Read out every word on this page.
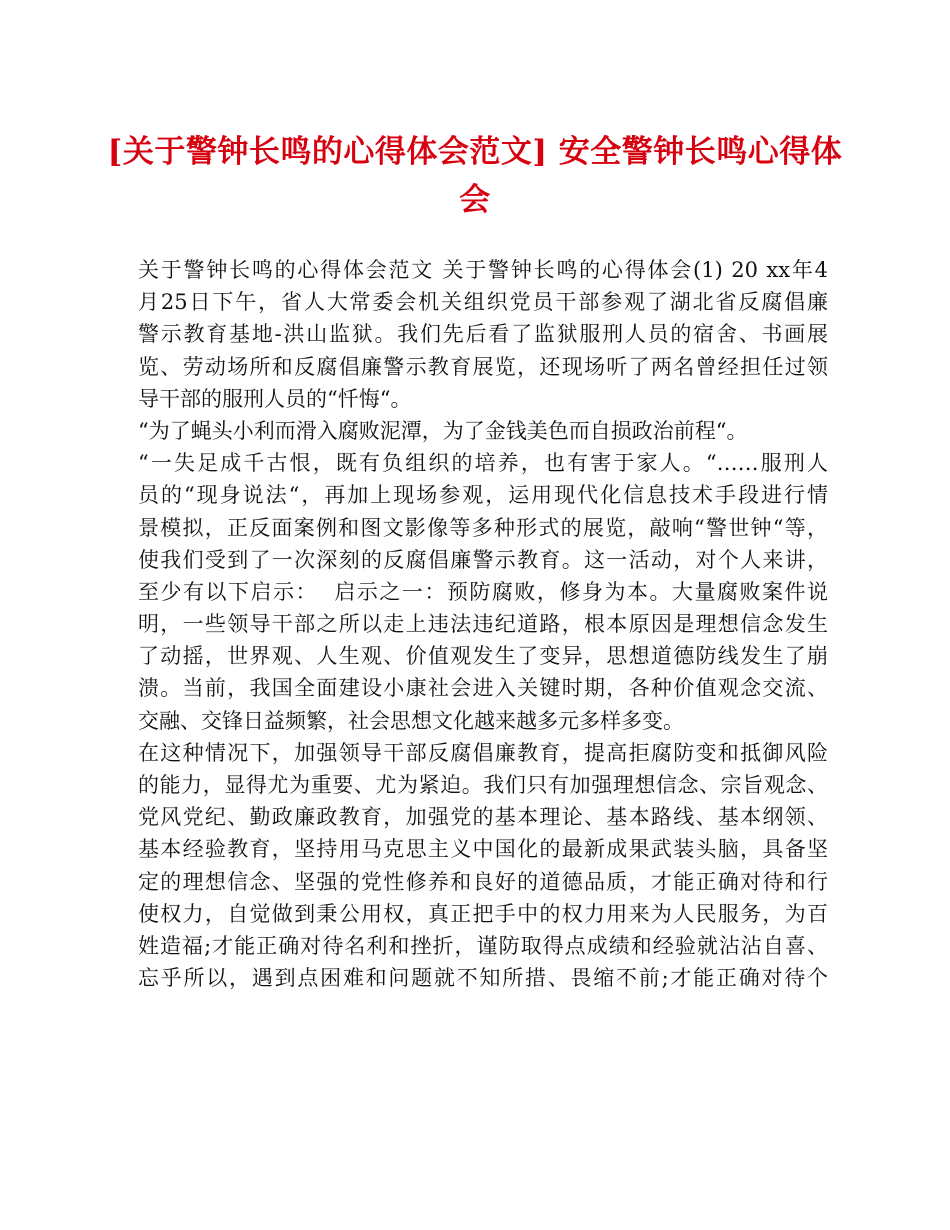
[关于警钟长鸣的心得体会范文] 安全警钟长鸣心得体
会
关于警钟长鸣的心得体会范文 关于警钟长鸣的心得体会(1) 20 xx年4
月25日下午，省人大常委会机关组织党员干部参观了湖北省反腐倡廉
警示教育基地-洪山监狱。我们先后看了监狱服刑人员的宿舍、书画展
览、劳动场所和反腐倡廉警示教育展览，还现场听了两名曾经担任过领
导干部的服刑人员的“忏悔“。
“为了蝇头小利而滑入腐败泥潭，为了金钱美色而自损政治前程“。
“一失足成千古恨，既有负组织的培养，也有害于家人。“……服刑人
员的“现身说法“，再加上现场参观，运用现代化信息技术手段进行情
景模拟，正反面案例和图文影像等多种形式的展览，敲响“警世钟“等，
使我们受到了一次深刻的反腐倡廉警示教育。这一活动，对个人来讲，
至少有以下启示：  启示之一：预防腐败，修身为本。大量腐败案件说
明，一些领导干部之所以走上违法违纪道路，根本原因是理想信念发生
了动摇，世界观、人生观、价值观发生了变异，思想道德防线发生了崩
溃。当前，我国全面建设小康社会进入关键时期，各种价值观念交流、
交融、交锋日益频繁，社会思想文化越来越多元多样多变。
在这种情况下，加强领导干部反腐倡廉教育，提高拒腐防变和抵御风险
的能力，显得尤为重要、尤为紧迫。我们只有加强理想信念、宗旨观念、
党风党纪、勤政廉政教育，加强党的基本理论、基本路线、基本纲领、
基本经验教育，坚持用马克思主义中国化的最新成果武装头脑，具备坚
定的理想信念、坚强的党性修养和良好的道德品质，才能正确对待和行
使权力，自觉做到秉公用权，真正把手中的权力用来为人民服务，为百
姓造福;才能正确对待名利和挫折，谨防取得点成绩和经验就沾沾自喜、
忘乎所以，遇到点困难和问题就不知所措、畏缩不前;才能正确对待个
